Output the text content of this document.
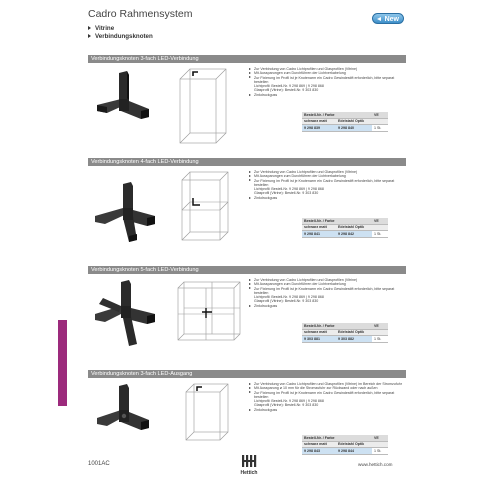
Cadro Rahmensystem
Vitrine
Verbindungsknoten
New
Verbindungsknoten 3-fach LED-Verbindung
Zur Verbindung von Cadro Lichtprofilen und Glasprofilen (Vitrine)
Mit Aussparungen zum Durchführen der Lichtverkabelung
Zur Fixierung im Profil ist je Knotenarm ein Cadro Gewindestift erforderlich, bitte separat bestellen
Lichtprofil: Bestell-Nr. 9 298 869 | 9 298 868
Glasprofil (Vitrine): Bestell-Nr. 9 303 830
Zinkdruckguss
Bestell-Nr. / Farbe		VE
schwarz matt	Edelstahl Optik	
9 298 839	9 298 840	1 St.
Verbindungsknoten 4-fach LED-Verbindung
Zur Verbindung von Cadro Lichtprofilen und Glasprofilen (Vitrine)
Mit Aussparungen zum Durchführen der Lichtverkabelung
Zur Fixierung im Profil ist je Knotenarm ein Cadro Gewindestift erforderlich, bitte separat bestellen
Lichtprofil: Bestell-Nr. 9 298 869 | 9 298 868
Glasprofil (Vitrine): Bestell-Nr. 9 303 830
Zinkdruckguss
Bestell-Nr. / Farbe		VE
schwarz matt	Edelstahl Optik	
9 298 841	9 298 842	1 St.
Verbindungsknoten 5-fach LED-Verbindung
Zur Verbindung von Cadro Lichtprofilen und Glasprofilen (Vitrine)
Mit Aussparungen zum Durchführen der Lichtverkabelung
Zur Fixierung im Profil ist je Knotenarm ein Cadro Gewindestift erforderlich, bitte separat bestellen
Lichtprofil: Bestell-Nr. 9 298 869 | 9 298 868
Glasprofil (Vitrine): Bestell-Nr. 9 303 830
Zinkdruckguss
Bestell-Nr. / Farbe		VE
schwarz matt	Edelstahl Optik	
9 303 881	9 303 882	1 St.
Verbindungsknoten 3-fach LED-Ausgang
Zur Verbindung von Cadro Lichtprofilen und Glasprofilen (Vitrine) im Bereich der Stromzufuhr
Mit Aussparung ø 10 mm für die Stromzufuhr zur Rückwand oder nach außen
Zur Fixierung im Profil ist je Knotenarm ein Cadro Gewindestift erforderlich, bitte separat bestellen
Lichtprofil: Bestell-Nr. 9 298 869 | 9 298 868
Glasprofil (Vitrine): Bestell-Nr. 9 303 830
Zinkdruckguss
Bestell-Nr. / Farbe		VE
schwarz matt	Edelstahl Optik	
9 298 843	9 298 844	1 St.
1001AC
Hettich
www.hettich.com
